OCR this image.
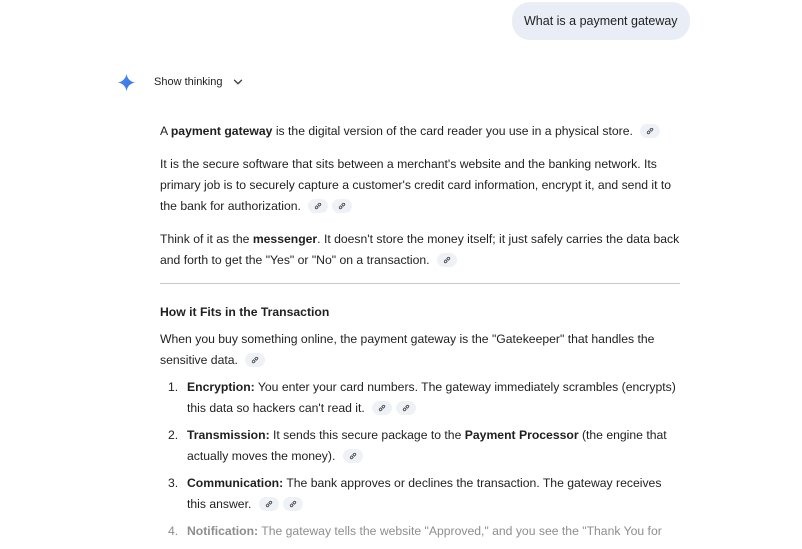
What is a payment gateway
Show thinking

A payment gateway is the digital version of the card reader you use in a physical store.

It is the secure software that sits between a merchant's website and the banking network. Its primary job is to securely capture a customer's credit card information, encrypt it, and send it to the bank for authorization.

Think of it as the messenger. It doesn't store the money itself; it just safely carries the data back and forth to get the "Yes" or "No" on a transaction.

How it Fits in the Transaction

When you buy something online, the payment gateway is the "Gatekeeper" that handles the sensitive data.

1. Encryption: You enter your card numbers. The gateway immediately scrambles (encrypts) this data so hackers can't read it.
2. Transmission: It sends this secure package to the Payment Processor (the engine that actually moves the money).
3. Communication: The bank approves or declines the transaction. The gateway receives this answer.
4. Notification: The gateway tells the website "Approved," and you see the "Thank You for
